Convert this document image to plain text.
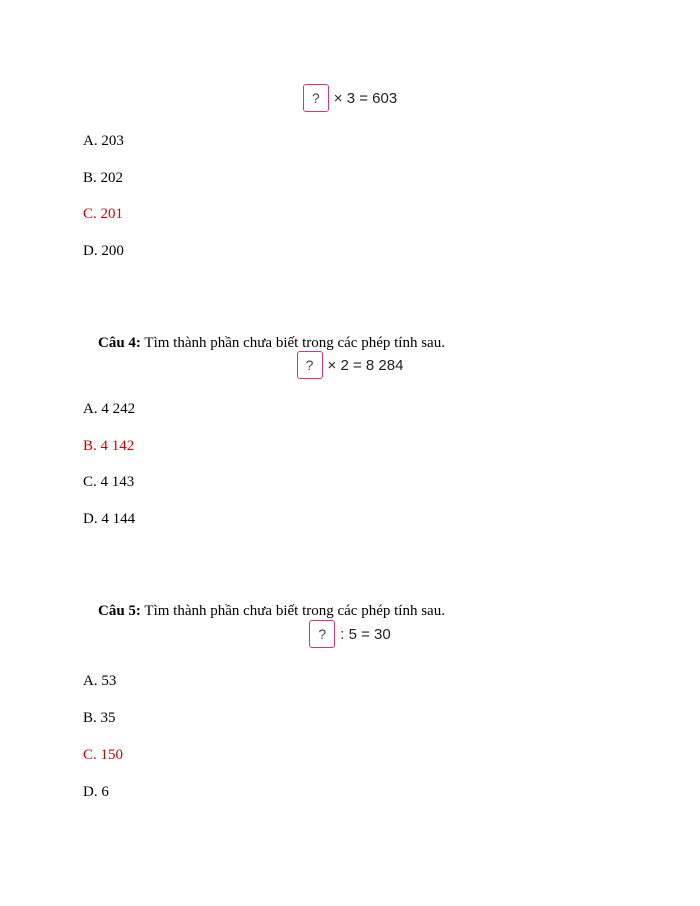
? × 3 = 603
A. 203
B. 202
C. 201
D. 200

Câu 4: Tìm thành phần chưa biết trong các phép tính sau.

? × 2 = 8 284
A. 4 242
B. 4 142
C. 4 143
D. 4 144

Câu 5: Tìm thành phần chưa biết trong các phép tính sau.

? : 5 = 30
A. 53
B. 35
C. 150
D. 6
